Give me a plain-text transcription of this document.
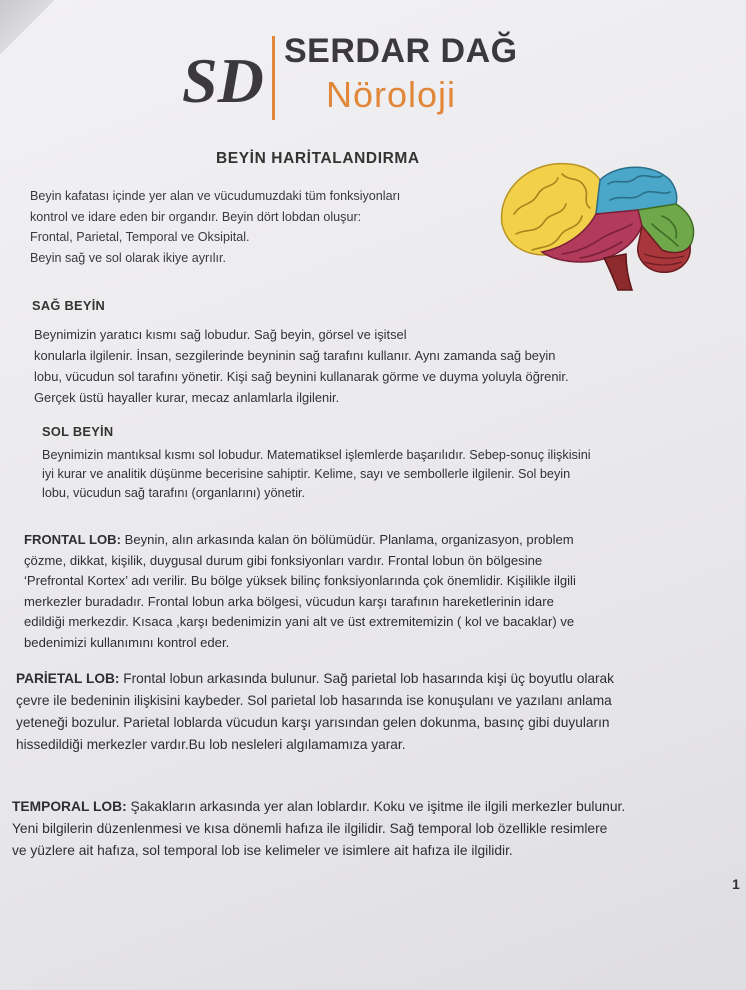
SD SERDAR DAĞ
Nöroloji
BEYİN HARİTALANDIRMA

Beyin kafatası içinde yer alan ve vücudumuzdaki tüm fonksiyonları

kontrol ve idare eden bir organdır. Beyin dört lobdan oluşur:

Frontal, Parietal, Temporal ve Oksipital.

Beyin sağ ve sol olarak ikiye ayrılır.

SAĞ BEYİN

Beynimizin yaratıcı kısmı sağ lobudur. Sağ beyin, görsel ve işitsel

konularla ilgilenir. İnsan, sezgilerinde beyninin sağ tarafını kullanır. Aynı zamanda sağ beyin

lobu, vücudun sol tarafını yönetir. Kişi sağ beynini kullanarak görme ve duyma yoluyla öğrenir.

Gerçek üstü hayaller kurar, mecaz anlamlarla ilgilenir.

SOL BEYİN

Beynimizin mantıksal kısmı sol lobudur. Matematiksel işlemlerde başarılıdır. Sebep-sonuç ilişkisini

iyi kurar ve analitik düşünme becerisine sahiptir. Kelime, sayı ve sembollerle ilgilenir. Sol beyin

lobu, vücudun sağ tarafını (organlarını) yönetir.

FRONTAL LOB: Beynin, alın arkasında kalan ön bölümüdür. Planlama, organizasyon, problem

çözme, dikkat, kişilik, duygusal durum gibi fonksiyonları vardır. Frontal lobun ön bölgesine

‘Prefrontal Kortex’ adı verilir. Bu bölge yüksek bilinç fonksiyonlarında çok önemlidir. Kişilikle ilgili

merkezler buradadır. Frontal lobun arka bölgesi, vücudun karşı tarafının hareketlerinin idare

edildiği merkezdir. Kısaca ,karşı bedenimizin yani alt ve üst extremitemizin ( kol ve bacaklar) ve

bedenimizi kullanımını kontrol eder.

PARİETAL LOB: Frontal lobun arkasında bulunur. Sağ parietal lob hasarında kişi üç boyutlu olarak

çevre ile bedeninin ilişkisini kaybeder. Sol parietal lob hasarında ise konuşulanı ve yazılanı anlama

yeteneği bozulur. Parietal loblarda vücudun karşı yarısından gelen dokunma, basınç gibi duyuların

hissedildiği merkezler vardır.Bu lob nesleleri algılamamıza yarar.

TEMPORAL LOB: Şakakların arkasında yer alan loblardır. Koku ve işitme ile ilgili merkezler bulunur.

Yeni bilgilerin düzenlenmesi ve kısa dönemli hafıza ile ilgilidir. Sağ temporal lob özellikle resimlere

ve yüzlere ait hafıza, sol temporal lob ise kelimeler ve isimlere ait hafıza ile ilgilidir.

1
